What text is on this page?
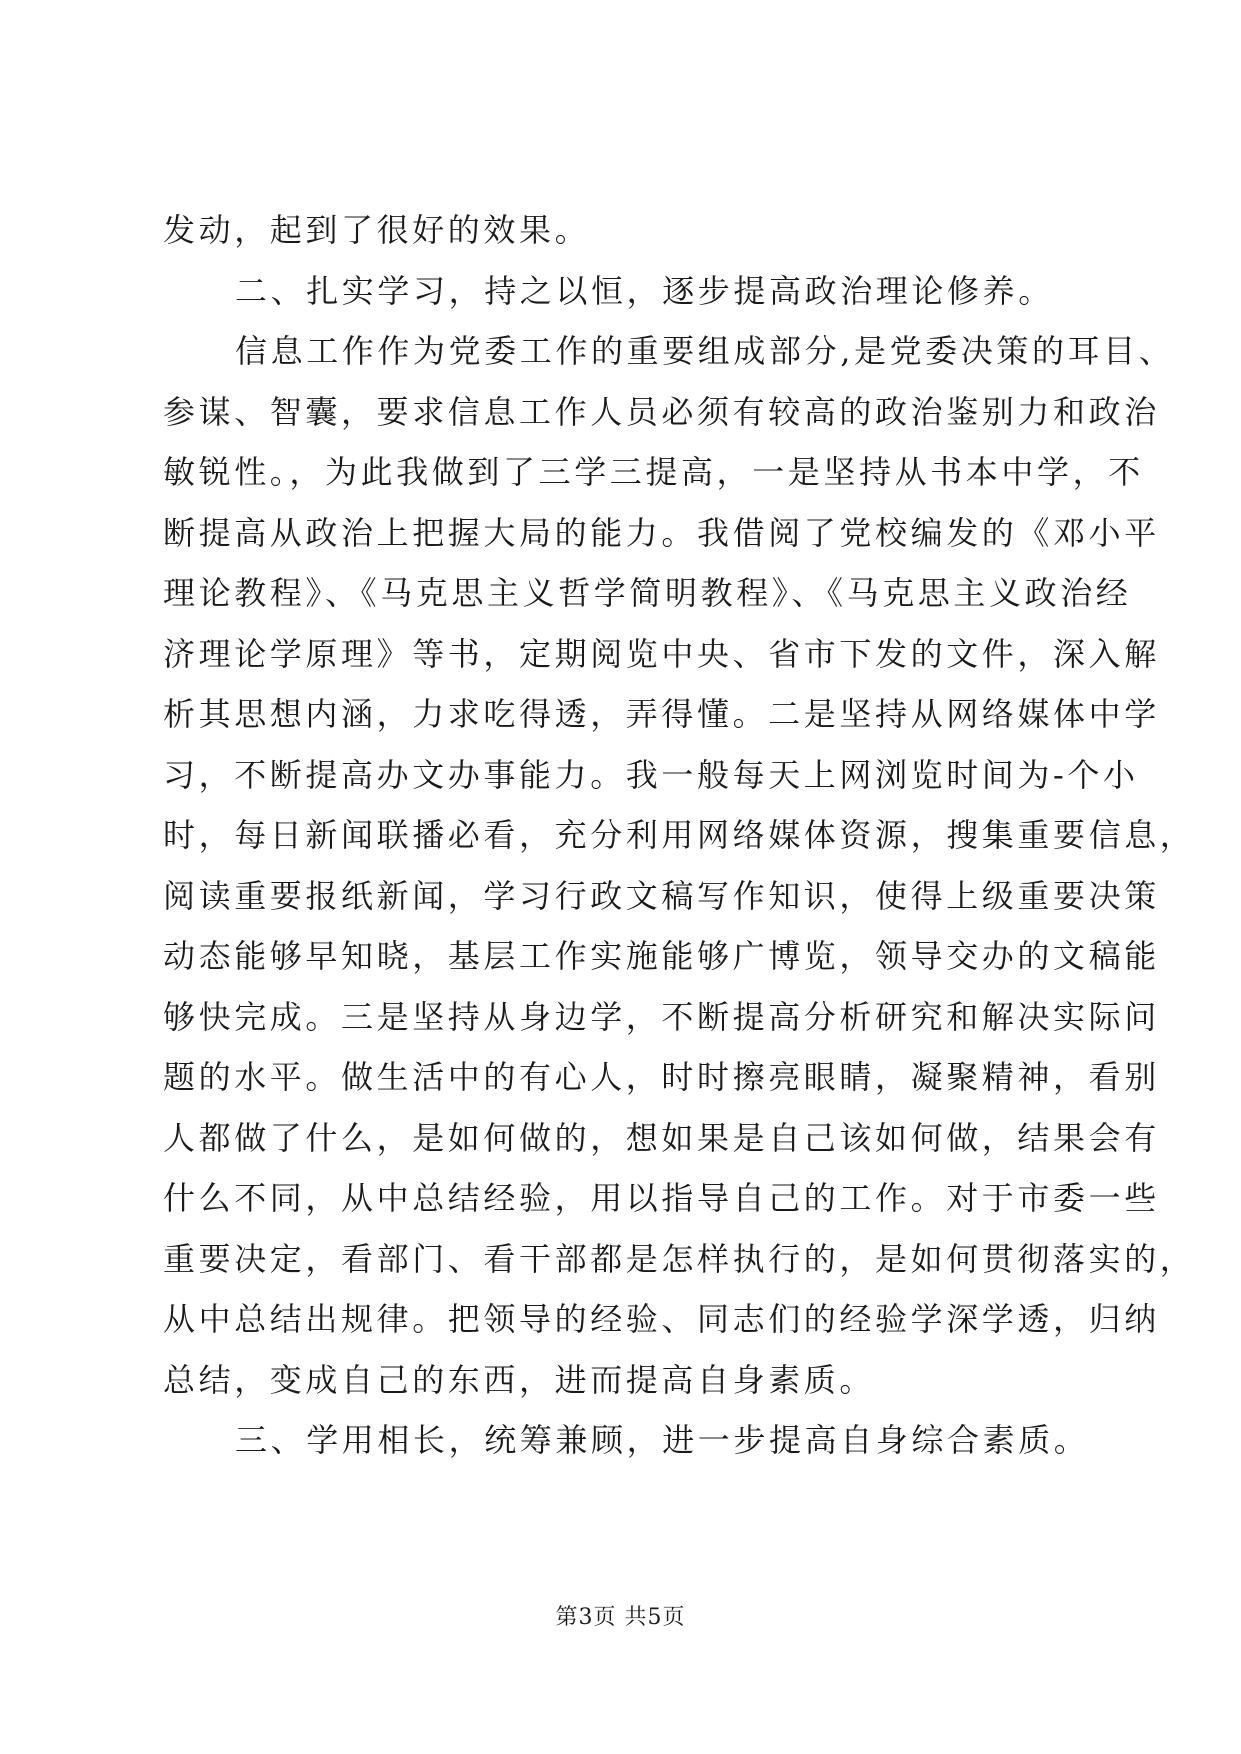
发动，起到了很好的效果。
二、扎实学习，持之以恒，逐步提高政治理论修养。
信息工作作为党委工作的重要组成部分,是党委决策的耳目、
参谋、智囊，要求信息工作人员必须有较高的政治鉴别力和政治
敏锐性。，为此我做到了三学三提高，一是坚持从书本中学，不
断提高从政治上把握大局的能力。我借阅了党校编发的《邓小平
理论教程》、《马克思主义哲学简明教程》、《马克思主义政治经
济理论学原理》等书，定期阅览中央、省市下发的文件，深入解
析其思想内涵，力求吃得透，弄得懂。二是坚持从网络媒体中学
习，不断提高办文办事能力。我一般每天上网浏览时间为-个小
时，每日新闻联播必看，充分利用网络媒体资源，搜集重要信息，
阅读重要报纸新闻，学习行政文稿写作知识，使得上级重要决策
动态能够早知晓，基层工作实施能够广博览，领导交办的文稿能
够快完成。三是坚持从身边学，不断提高分析研究和解决实际问
题的水平。做生活中的有心人，时时擦亮眼睛，凝聚精神，看别
人都做了什么，是如何做的，想如果是自己该如何做，结果会有
什么不同，从中总结经验，用以指导自己的工作。对于市委一些
重要决定，看部门、看干部都是怎样执行的，是如何贯彻落实的，
从中总结出规律。把领导的经验、同志们的经验学深学透，归纳
总结，变成自己的东西，进而提高自身素质。
三、学用相长，统筹兼顾，进一步提高自身综合素质。
第3页 共5页
